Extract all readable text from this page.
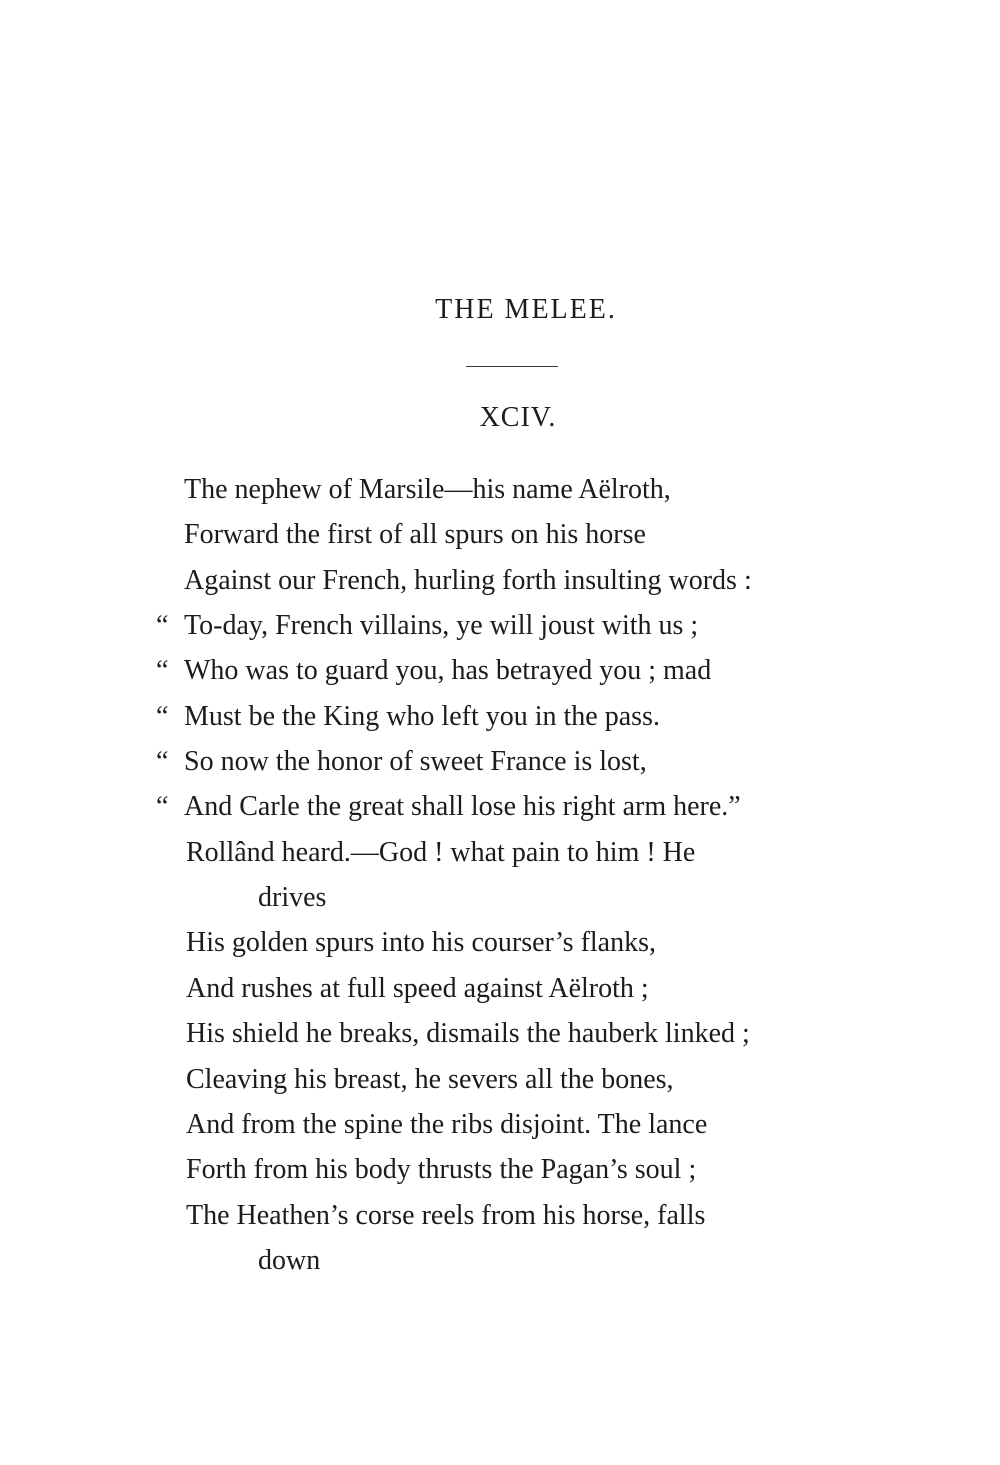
THE MELEE.
XCIV.
The nephew of Marsile—his name Aëlroth,
Forward the first of all spurs on his horse
Against our French, hurling forth insulting words :
“ To-day, French villains, ye will joust with us ;
“ Who was to guard you, has betrayed you ; mad
“ Must be the King who left you in the pass.
“ So now the honor of sweet France is lost,
“ And Carle the great shall lose his right arm here.”
Rollând heard.—God ! what pain to him ! He
drives
His golden spurs into his courser’s flanks,
And rushes at full speed against Aëlroth ;
His shield he breaks, dismails the hauberk linked ;
Cleaving his breast, he severs all the bones,
And from the spine the ribs disjoint. The lance
Forth from his body thrusts the Pagan’s soul ;
The Heathen’s corse reels from his horse, falls
down
